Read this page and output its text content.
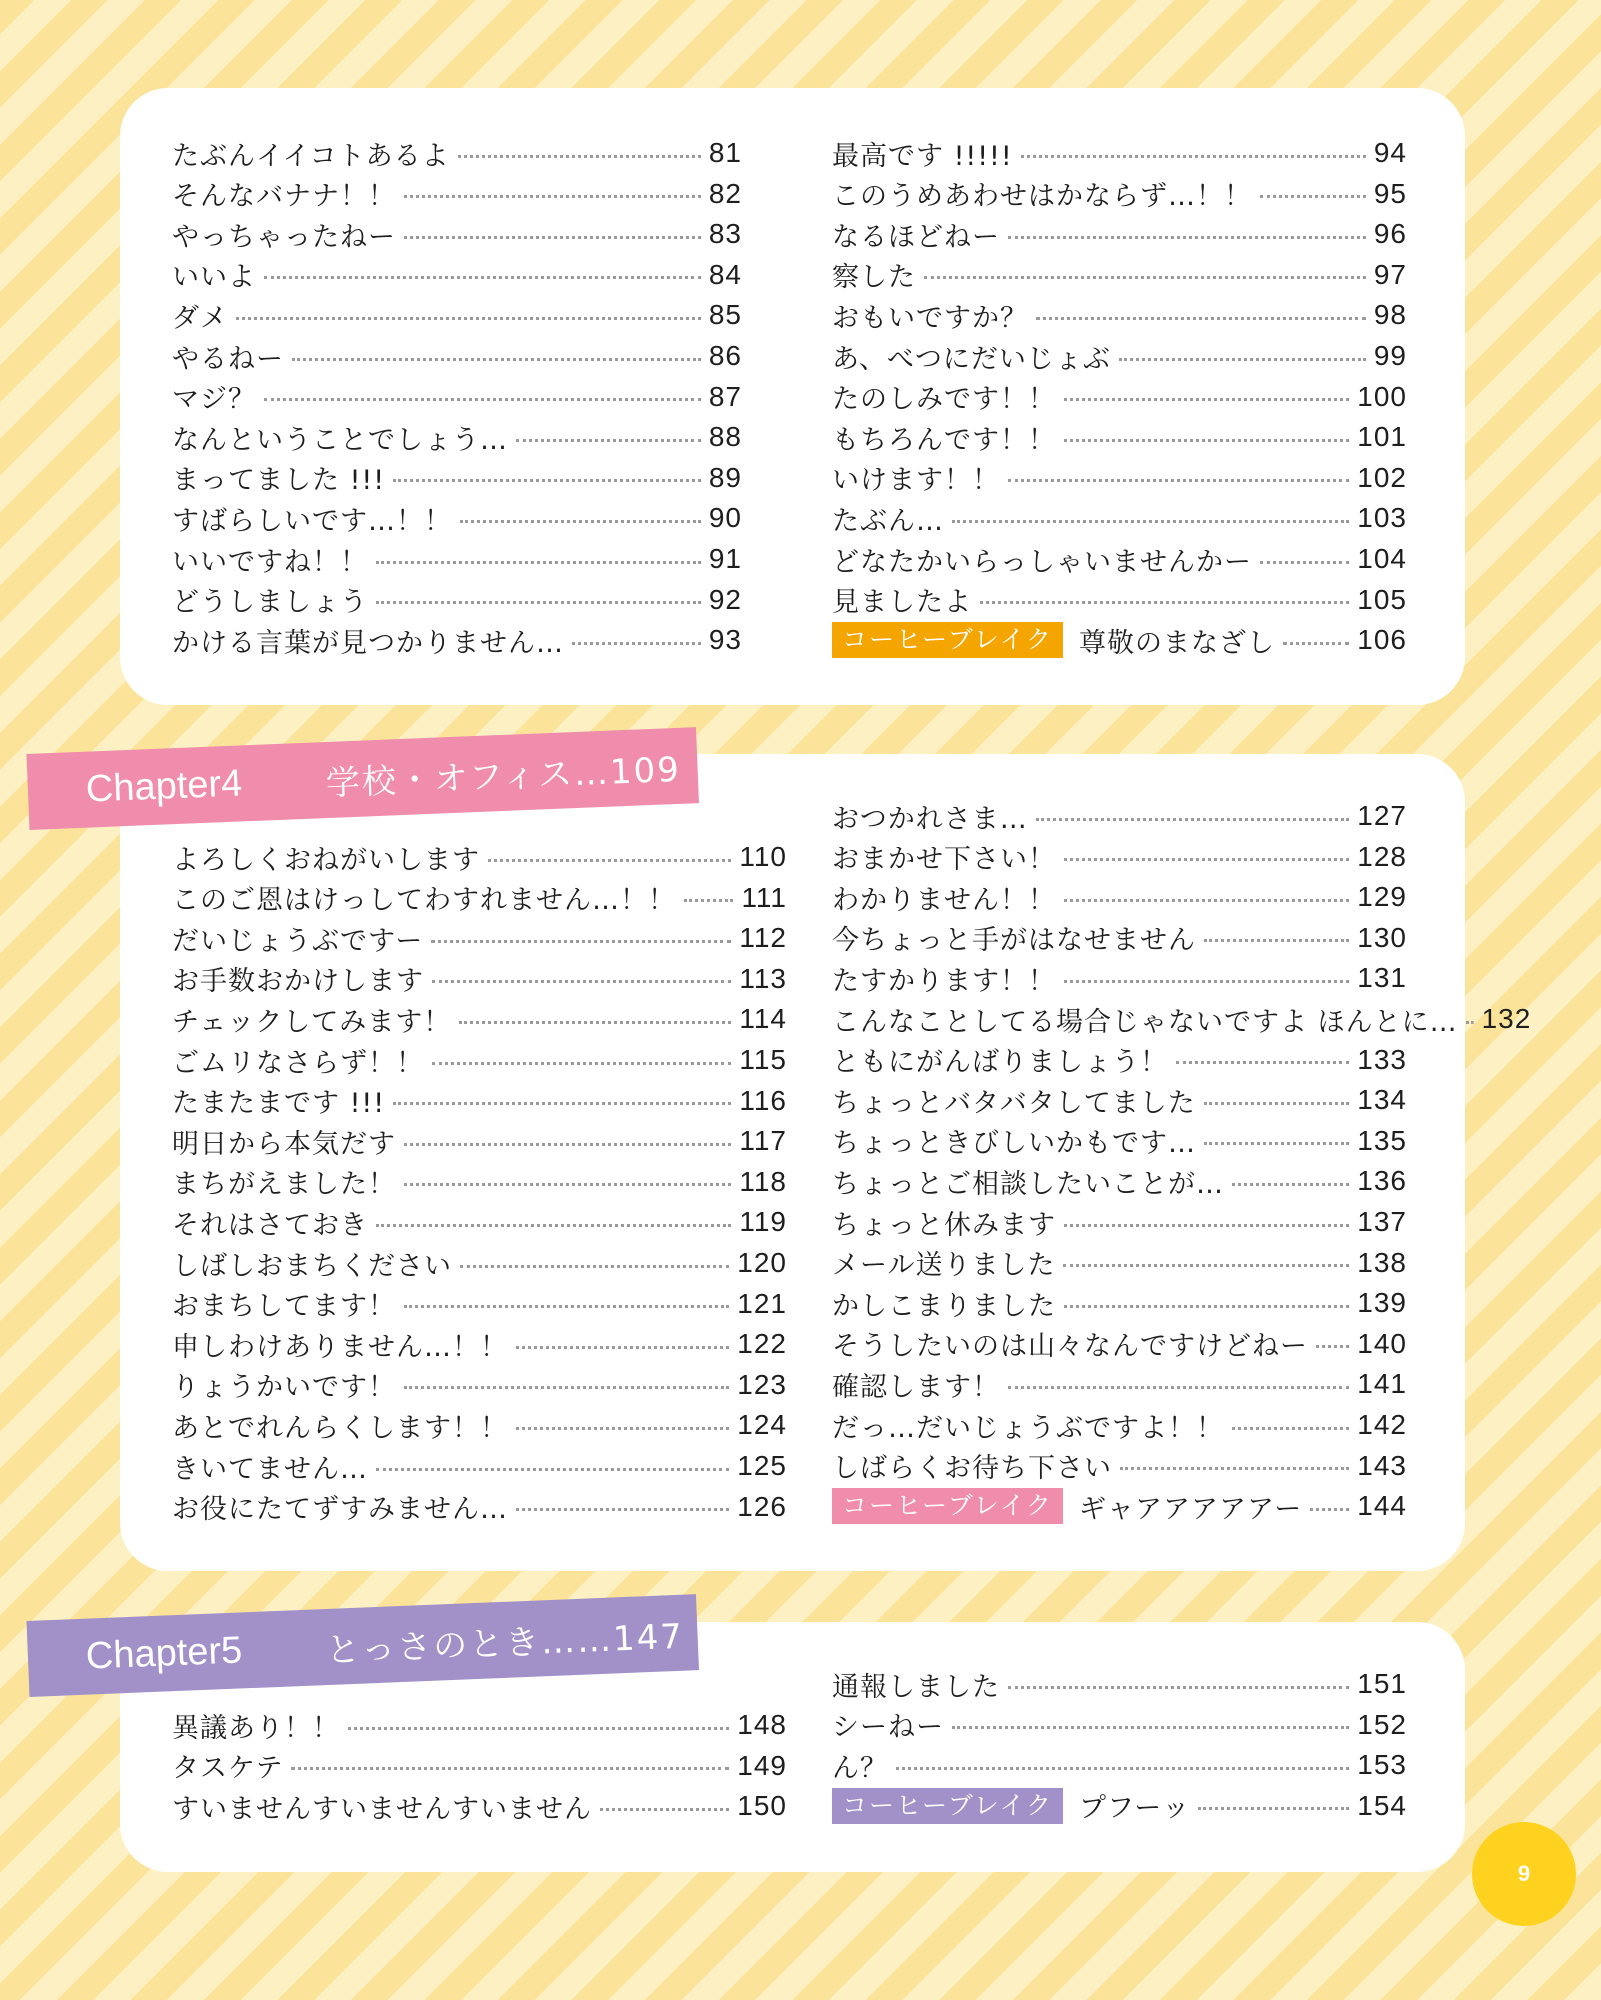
たぶんイイコトあるよ	81
そんなバナナ！！	82
やっちゃったねー	83
いいよ	84
ダメ	85
やるねー	86
マジ？	87
なんということでしょう…	88
まってました !!!	89
すばらしいです…！！	90
いいですね！！	91
どうしましょう	92
かける言葉が見つかりません…	93
最高です !!!!!	94
このうめあわせはかならず…！！	95
なるほどねー	96
察した	97
おもいですか？	98
あ、べつにだいじょぶ	99
たのしみです！！	100
もちろんです！！	101
いけます！！	102
たぶん…	103
どなたかいらっしゃいませんかー	104
見ましたよ	105
コーヒーブレイク 尊敬のまなざし	106
よろしくおねがいします	110
このご恩はけっしてわすれません…！！ 111
だいじょうぶですー	112
お手数おかけします	113
チェックしてみます！	114
ごムリなさらず！！	115
たまたまです !!!	116
明日から本気だす	117
まちがえました！	118
それはさておき	119
しばしおまちください	120
おまちしてます！	121
申しわけありません…！！	122
りょうかいです！	123
あとでれんらくします！！	124
きいてません…	125
お役にたてずすみません…	126
おつかれさま…	127
おまかせ下さい！	128
わかりません！！	129
今ちょっと手がはなせません	130
たすかります！！	131
こんなことしてる場合じゃないですよ ほんとに… 132
ともにがんばりましょう！	133
ちょっとバタバタしてました	134
ちょっときびしいかもです…	135
ちょっとご相談したいことが…	136
ちょっと休みます	137
メール送りました	138
かしこまりました	139
そうしたいのは山々なんですけどねー 140
確認します！	141
だっ…だいじょうぶですよ！！	142
しばらくお待ち下さい	143
コーヒーブレイク ギャアアアアアー 144
Chapter4	学校・オフィス…109
異議あり！！	148
タスケテ	149
すいませんすいませんすいません	150
通報しました	151
シーねー	152
ん？	153
コーヒーブレイク プフーッ	154
Chapter5	とっさのとき……147
9
